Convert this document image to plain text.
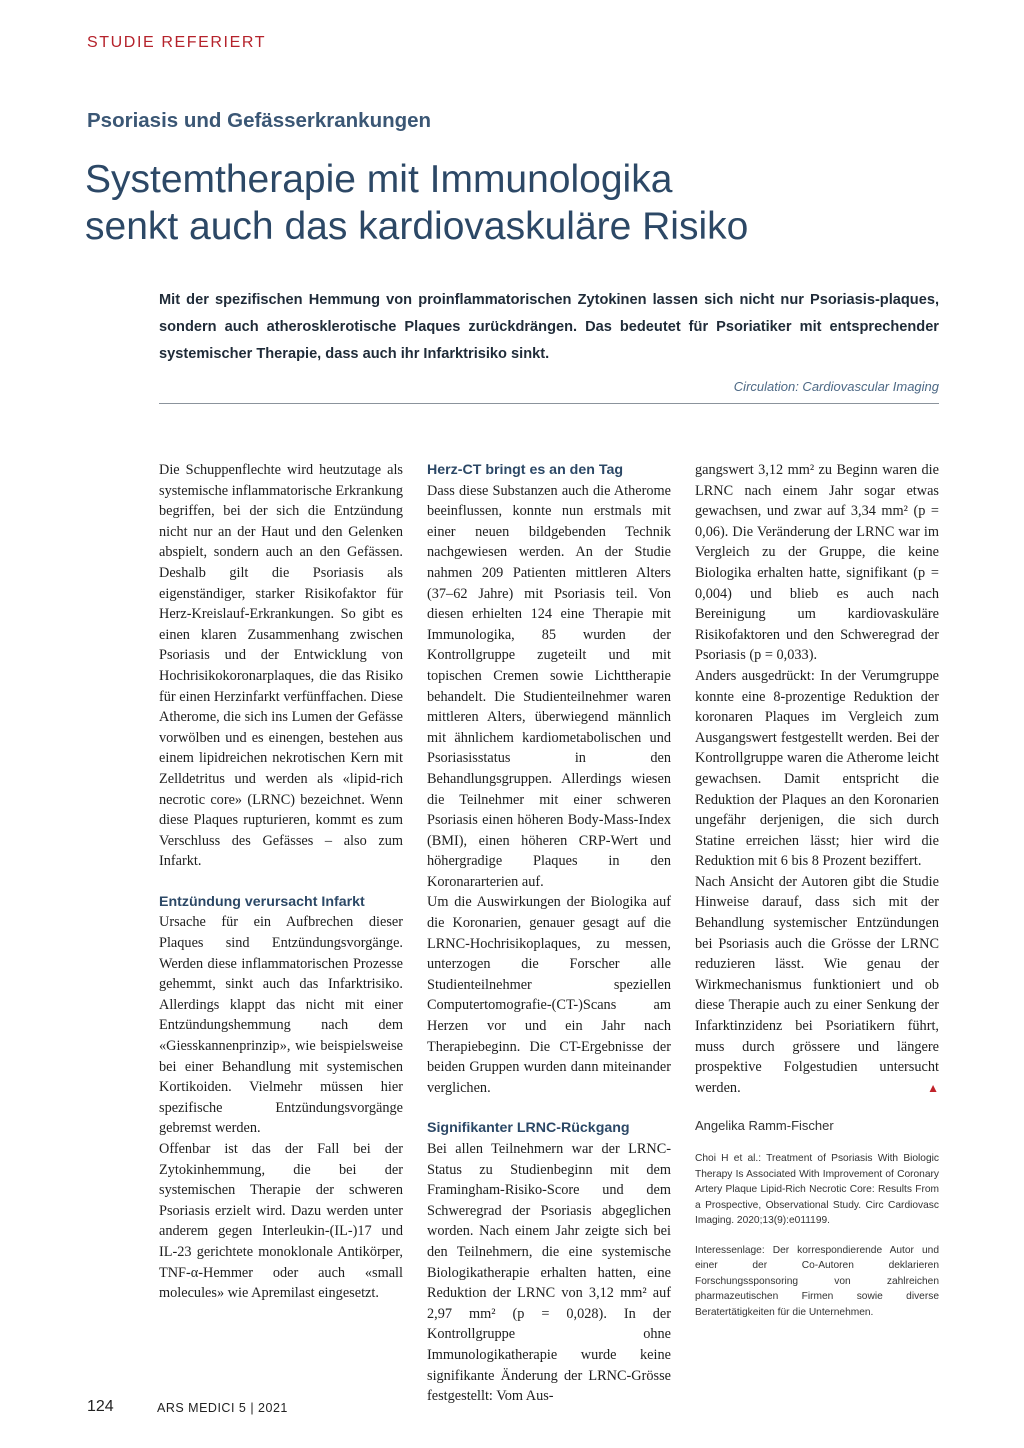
STUDIE REFERIERT
Psoriasis und Gefässerkrankungen
Systemtherapie mit Immunologika
senkt auch das kardiovaskuläre Risiko
Mit der spezifischen Hemmung von proinflammatorischen Zytokinen lassen sich nicht nur Psoriasis-plaques, sondern auch atherosklerotische Plaques zurückdrängen. Das bedeutet für Psoriatiker mit entsprechender systemischer Therapie, dass auch ihr Infarktrisiko sinkt.
Circulation: Cardiovascular Imaging

Die Schuppenflechte wird heutzutage als systemische inflammatorische Erkrankung begriffen, bei der sich die Entzündung nicht nur an der Haut und den Gelenken abspielt, sondern auch an den Gefässen. Deshalb gilt die Psoriasis als eigenständiger, starker Risikofaktor für Herz-Kreislauf-Erkrankungen. So gibt es einen klaren Zusammenhang zwischen Psoriasis und der Entwicklung von Hochrisikokoronarplaques, die das Risiko für einen Herzinfarkt verfünffachen. Diese Atherome, die sich ins Lumen der Gefässe vorwölben und es einengen, bestehen aus einem lipidreichen nekrotischen Kern mit Zelldetritus und werden als «lipid-rich necrotic core» (LRNC) bezeichnet. Wenn diese Plaques rupturieren, kommt es zum Verschluss des Gefässes – also zum Infarkt.

Entzündung verursacht Infarkt

Ursache für ein Aufbrechen dieser Plaques sind Entzündungsvorgänge. Werden diese inflammatorischen Prozesse gehemmt, sinkt auch das Infarktrisiko. Allerdings klappt das nicht mit einer Entzündungshemmung nach dem «Giesskannenprinzip», wie beispielsweise bei einer Behandlung mit systemischen Kortikoiden. Vielmehr müssen hier spezifische Entzündungsvorgänge gebremst werden.

Offenbar ist das der Fall bei der Zytokinhemmung, die bei der systemischen Therapie der schweren Psoriasis erzielt wird. Dazu werden unter anderem gegen Interleukin-(IL-)17 und IL-23 gerichtete monoklonale Antikörper, TNF-α-Hemmer oder auch «small molecules» wie Apremilast eingesetzt.

Herz-CT bringt es an den Tag

Dass diese Substanzen auch die Atherome beeinflussen, konnte nun erstmals mit einer neuen bildgebenden Technik nachgewiesen werden. An der Studie nahmen 209 Patienten mittleren Alters (37–62 Jahre) mit Psoriasis teil. Von diesen erhielten 124 eine Therapie mit Immunologika, 85 wurden der Kontrollgruppe zugeteilt und mit topischen Cremen sowie Lichttherapie behandelt. Die Studienteilnehmer waren mittleren Alters, überwiegend männlich mit ähnlichem kardiometabolischen und Psoriasisstatus in den Behandlungsgruppen. Allerdings wiesen die Teilnehmer mit einer schweren Psoriasis einen höheren Body-Mass-Index (BMI), einen höheren CRP-Wert und höhergradige Plaques in den Koronararterien auf.

Um die Auswirkungen der Biologika auf die Koronarien, genauer gesagt auf die LRNC-Hochrisikoplaques, zu messen, unterzogen die Forscher alle Studienteilnehmer speziellen Computertomografie-(CT-)Scans am Herzen vor und ein Jahr nach Therapiebeginn. Die CT-Ergebnisse der beiden Gruppen wurden dann miteinander verglichen.

Signifikanter LRNC-Rückgang

Bei allen Teilnehmern war der LRNC-Status zu Studienbeginn mit dem Framingham-Risiko-Score und dem Schweregrad der Psoriasis abgeglichen worden. Nach einem Jahr zeigte sich bei den Teilnehmern, die eine systemische Biologikatherapie erhalten hatten, eine Reduktion der LRNC von 3,12 mm² auf 2,97 mm² (p = 0,028). In der Kontrollgruppe ohne Immunologikatherapie wurde keine signifikante Änderung der LRNC-Grösse festgestellt: Vom Aus-

gangswert 3,12 mm² zu Beginn waren die LRNC nach einem Jahr sogar etwas gewachsen, und zwar auf 3,34 mm² (p = 0,06). Die Veränderung der LRNC war im Vergleich zu der Gruppe, die keine Biologika erhalten hatte, signifikant (p = 0,004) und blieb es auch nach Bereinigung um kardiovaskuläre Risikofaktoren und den Schweregrad der Psoriasis (p = 0,033).

Anders ausgedrückt: In der Verumgruppe konnte eine 8-prozentige Reduktion der koronaren Plaques im Vergleich zum Ausgangswert festgestellt werden. Bei der Kontrollgruppe waren die Atherome leicht gewachsen. Damit entspricht die Reduktion der Plaques an den Koronarien ungefähr derjenigen, die sich durch Statine erreichen lässt; hier wird die Reduktion mit 6 bis 8 Prozent beziffert.

Nach Ansicht der Autoren gibt die Studie Hinweise darauf, dass sich mit der Behandlung systemischer Entzündungen bei Psoriasis auch die Grösse der LRNC reduzieren lässt. Wie genau der Wirkmechanismus funktioniert und ob diese Therapie auch zu einer Senkung der Infarktinzidenz bei Psoriatikern führt, muss durch grössere und längere prospektive Folgestudien untersucht werden.	▲

Angelika Ramm-Fischer
Choi H et al.: Treatment of Psoriasis With Biologic Therapy Is Associated With Improvement of Coronary Artery Plaque Lipid-Rich Necrotic Core: Results From a Prospective, Observational Study. Circ Cardiovasc Imaging. 2020;13(9):e011199.
Interessenlage: Der korrespondierende Autor und einer der Co-Autoren deklarieren Forschungssponsoring von zahlreichen pharmazeutischen Firmen sowie diverse Beratertätigkeiten für die Unternehmen.
124	ARS MEDICI 5 | 2021
